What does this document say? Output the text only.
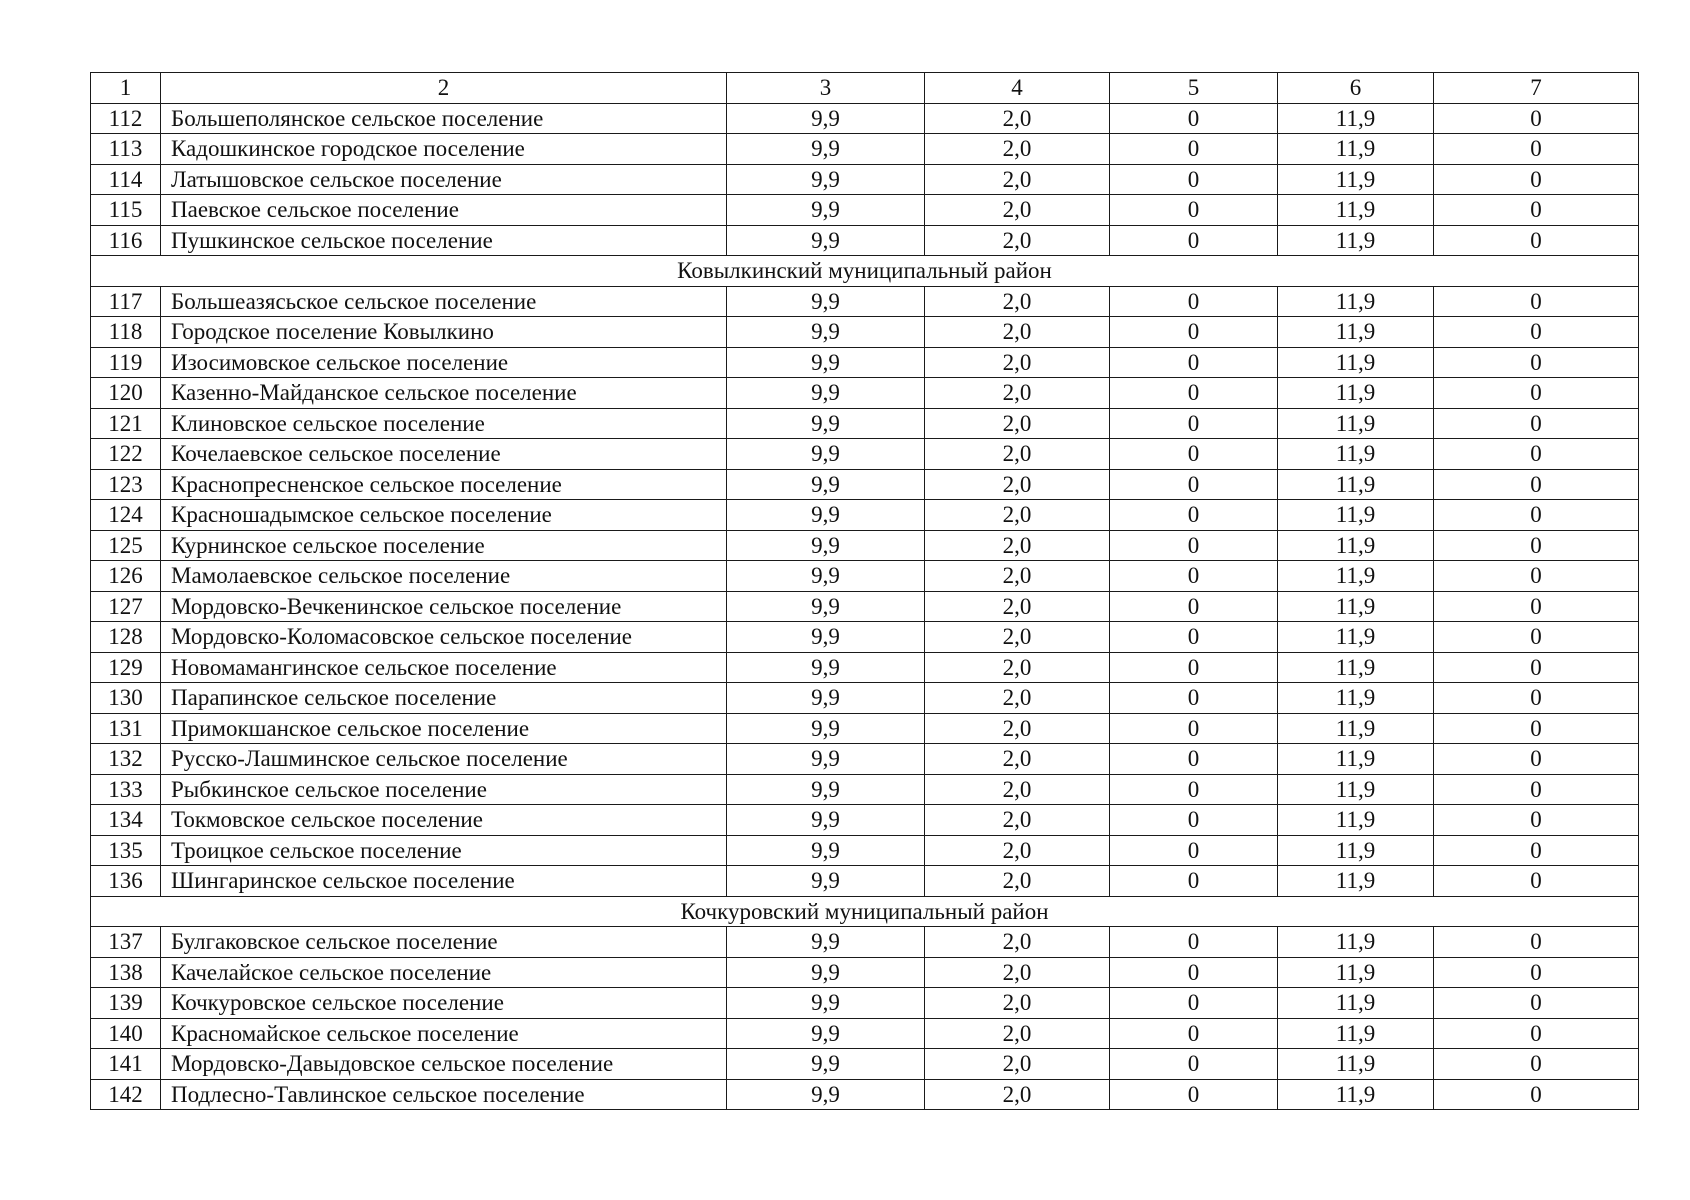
1	2	3	4	5	6	7
112	Большеполянское сельское поселение	9,9	2,0	0	11,9	0
113	Кадошкинское городское поселение	9,9	2,0	0	11,9	0
114	Латышовское сельское поселение	9,9	2,0	0	11,9	0
115	Паевское сельское поселение	9,9	2,0	0	11,9	0
116	Пушкинское сельское поселение	9,9	2,0	0	11,9	0
Ковылкинский муниципальный район						
117	Большеазясьское сельское поселение	9,9	2,0	0	11,9	0
118	Городское поселение Ковылкино	9,9	2,0	0	11,9	0
119	Изосимовское сельское поселение	9,9	2,0	0	11,9	0
120	Казенно-Майданское сельское поселение	9,9	2,0	0	11,9	0
121	Клиновское сельское поселение	9,9	2,0	0	11,9	0
122	Кочелаевское сельское поселение	9,9	2,0	0	11,9	0
123	Краснопресненское сельское поселение	9,9	2,0	0	11,9	0
124	Красношадымское сельское поселение	9,9	2,0	0	11,9	0
125	Курнинское сельское поселение	9,9	2,0	0	11,9	0
126	Мамолаевское сельское поселение	9,9	2,0	0	11,9	0
127	Мордовско-Вечкенинское сельское поселение	9,9	2,0	0	11,9	0
128	Мордовско-Коломасовское сельское поселение	9,9	2,0	0	11,9	0
129	Новомамангинское сельское поселение	9,9	2,0	0	11,9	0
130	Парапинское сельское поселение	9,9	2,0	0	11,9	0
131	Примокшанское сельское поселение	9,9	2,0	0	11,9	0
132	Русско-Лашминское сельское поселение	9,9	2,0	0	11,9	0
133	Рыбкинское сельское поселение	9,9	2,0	0	11,9	0
134	Токмовское сельское поселение	9,9	2,0	0	11,9	0
135	Троицкое сельское поселение	9,9	2,0	0	11,9	0
136	Шингаринское сельское поселение	9,9	2,0	0	11,9	0
Кочкуровский муниципальный район						
137	Булгаковское сельское поселение	9,9	2,0	0	11,9	0
138	Качелайское сельское поселение	9,9	2,0	0	11,9	0
139	Кочкуровское сельское поселение	9,9	2,0	0	11,9	0
140	Красномайское сельское поселение	9,9	2,0	0	11,9	0
141	Мордовско-Давыдовское сельское поселение	9,9	2,0	0	11,9	0
142	Подлесно-Тавлинское сельское поселение	9,9	2,0	0	11,9	0
